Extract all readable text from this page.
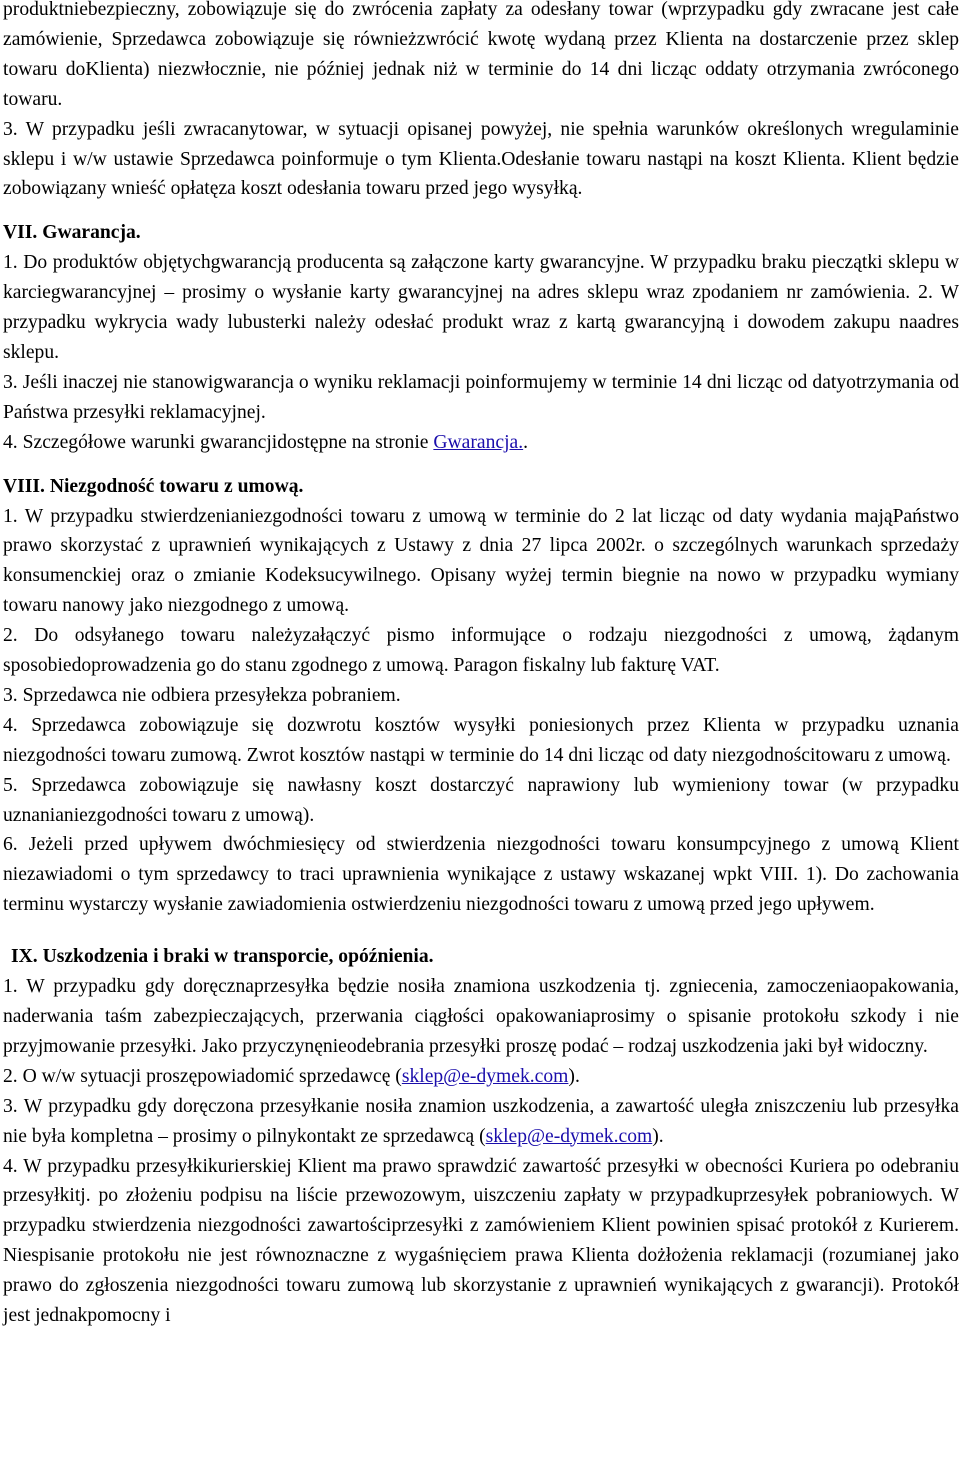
produktniebezpieczny, zobowiązuje się do zwrócenia zapłaty za odesłany towar (wprzypadku gdy zwracane jest całe zamówienie, Sprzedawca zobowiązuje się równieżzwrócić kwotę wydaną przez Klienta na dostarczenie przez sklep towaru doKlienta) niezwłocznie, nie później jednak niż w terminie do 14 dni licząc oddaty otrzymania zwróconego towaru.

3. W przypadku jeśli zwracanytowar, w sytuacji opisanej powyżej, nie spełnia warunków określonych wregulaminie sklepu i w/w ustawie Sprzedawca poinformuje o tym Klienta.Odesłanie towaru nastąpi na koszt Klienta. Klient będzie zobowiązany wnieść opłatęza koszt odesłania towaru przed jego wysyłką.

VII. Gwarancja.

1. Do produktów objętychgwarancją producenta są załączone karty gwarancyjne. W przypadku braku pieczątki sklepu w karciegwarancyjnej – prosimy o wysłanie karty gwarancyjnej na adres sklepu wraz zpodaniem nr zamówienia. 2. W przypadku wykrycia wady lubusterki należy odesłać produkt wraz z kartą gwarancyjną i dowodem zakupu naadres sklepu.

3. Jeśli inaczej nie stanowigwarancja o wyniku reklamacji poinformujemy w terminie 14 dni licząc od datyotrzymania od Państwa przesyłki reklamacyjnej.

4. Szczegółowe warunki gwarancjidostępne na stronie Gwarancja..

VIII. Niezgodność towaru z umową.

1. W przypadku stwierdzenianiezgodności towaru z umową w terminie do 2 lat licząc od daty wydania mająPaństwo prawo skorzystać z uprawnień wynikających z Ustawy z dnia 27 lipca 2002r. o szczególnych warunkach sprzedaży konsumenckiej oraz o zmianie Kodeksucywilnego. Opisany wyżej termin biegnie na nowo w przypadku wymiany towaru nanowy jako niezgodnego z umową.

2. Do odsyłanego towaru należyzałączyć pismo informujące o rodzaju niezgodności z umową, żądanym sposobiedoprowadzenia go do stanu zgodnego z umową. Paragon fiskalny lub fakturę VAT.

3. Sprzedawca nie odbiera przesyłekza pobraniem.

4. Sprzedawca zobowiązuje się dozwrotu kosztów wysyłki poniesionych przez Klienta w przypadku uznania niezgodności towaru zumową. Zwrot kosztów nastąpi w terminie do 14 dni licząc od daty niezgodnościtowaru z umową.

5. Sprzedawca zobowiązuje się nawłasny koszt dostarczyć naprawiony lub wymieniony towar (w przypadku uznanianiezgodności towaru z umową).

6. Jeżeli przed upływem dwóchmiesięcy od stwierdzenia niezgodności towaru konsumpcyjnego z umową Klient niezawiadomi o tym sprzedawcy to traci uprawnienia wynikające z ustawy wskazanej wpkt VIII. 1). Do zachowania terminu wystarczy wysłanie zawiadomienia ostwierdzeniu niezgodności towaru z umową przed jego upływem.

IX. Uszkodzenia i braki w transporcie, opóźnienia.

1. W przypadku gdy doręcznaprzesyłka będzie nosiła znamiona uszkodzenia tj. zgniecenia, zamoczeniaopakowania, naderwania taśm zabezpieczających, przerwania ciągłości opakowaniaprosimy o spisanie protokołu szkody i nie przyjmowanie przesyłki. Jako przyczynęnieodebrania przesyłki proszę podać – rodzaj uszkodzenia jaki był widoczny.

2. O w/w sytuacji proszępowiadomić sprzedawcę (sklep@e-dymek.com).

3. W przypadku gdy doręczona przesyłkanie nosiła znamion uszkodzenia, a zawartość uległa zniszczeniu lub przesyłka nie była kompletna – prosimy o pilnykontakt ze sprzedawcą (sklep@e-dymek.com).

4. W przypadku przesyłkikurierskiej Klient ma prawo sprawdzić zawartość przesyłki w obecności Kuriera po odebraniu przesyłkitj. po złożeniu podpisu na liście przewozowym, uiszczeniu zapłaty w przypadkuprzesyłek pobraniowych. W przypadku stwierdzenia niezgodności zawartościprzesyłki z zamówieniem Klient powinien spisać protokół z Kurierem. Niespisanie protokołu nie jest równoznaczne z wygaśnięciem prawa Klienta dożłożenia reklamacji (rozumianej jako prawo do zgłoszenia niezgodności towaru zumową lub skorzystanie z uprawnień wynikających z gwarancji). Protokół jest jednakpomocny i
